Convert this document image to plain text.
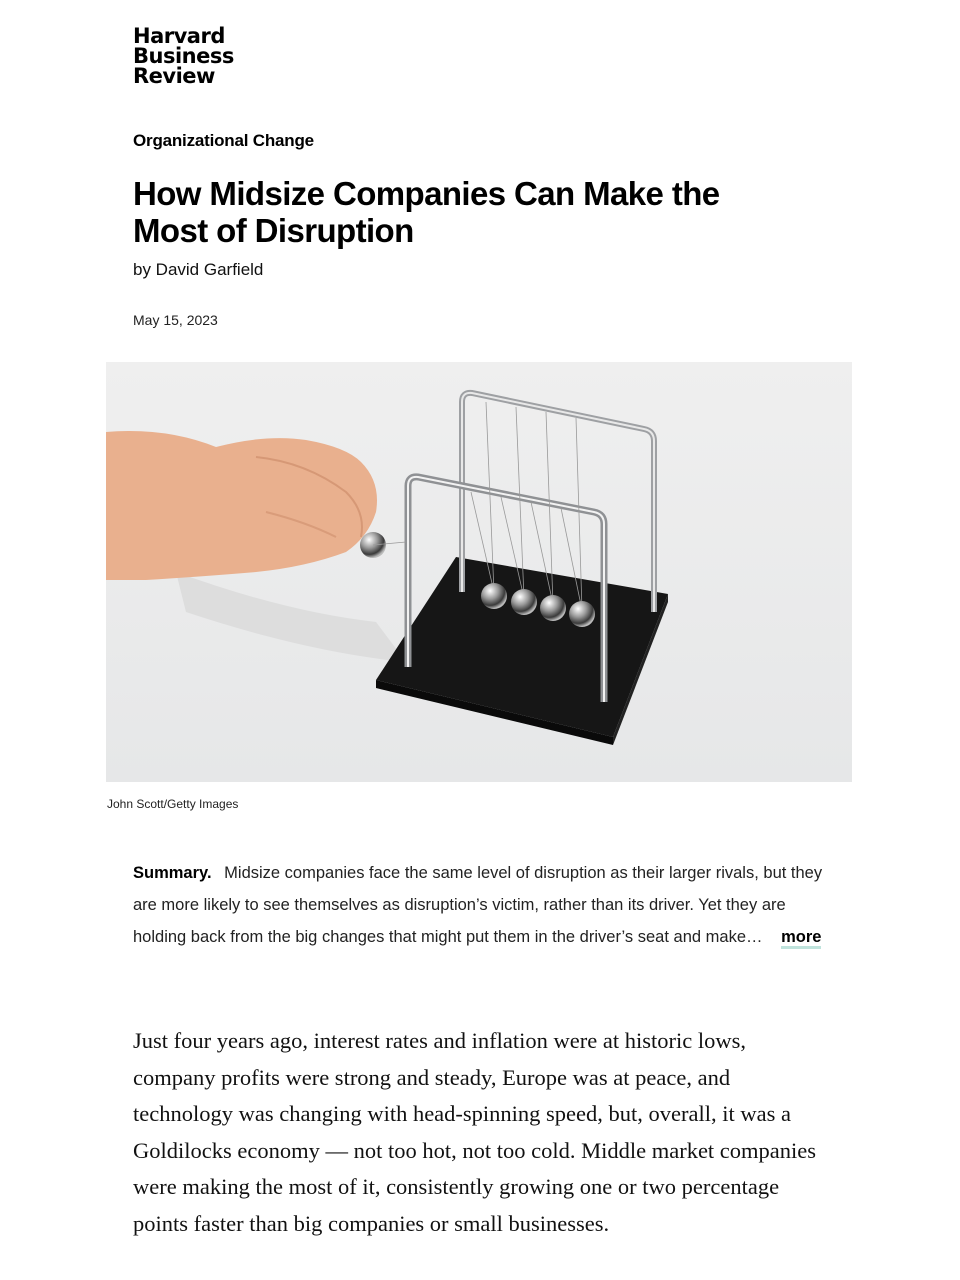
Harvard
Business
Review
Organizational Change
How Midsize Companies Can Make the Most of Disruption
by David Garfield
May 15, 2023
John Scott/Getty Images
Summary. Midsize companies face the same level of disruption as their larger rivals, but they are more likely to see themselves as disruption’s victim, rather than its driver. Yet they are holding back from the big changes that might put them in the driver’s seat and make… more

Just four years ago, interest rates and inflation were at historic lows, company profits were strong and steady, Europe was at peace, and technology was changing with head-spinning speed, but, overall, it was a Goldilocks economy — not too hot, not too cold. Middle market companies were making the most of it, consistently growing one or two percentage points faster than big companies or small businesses.
